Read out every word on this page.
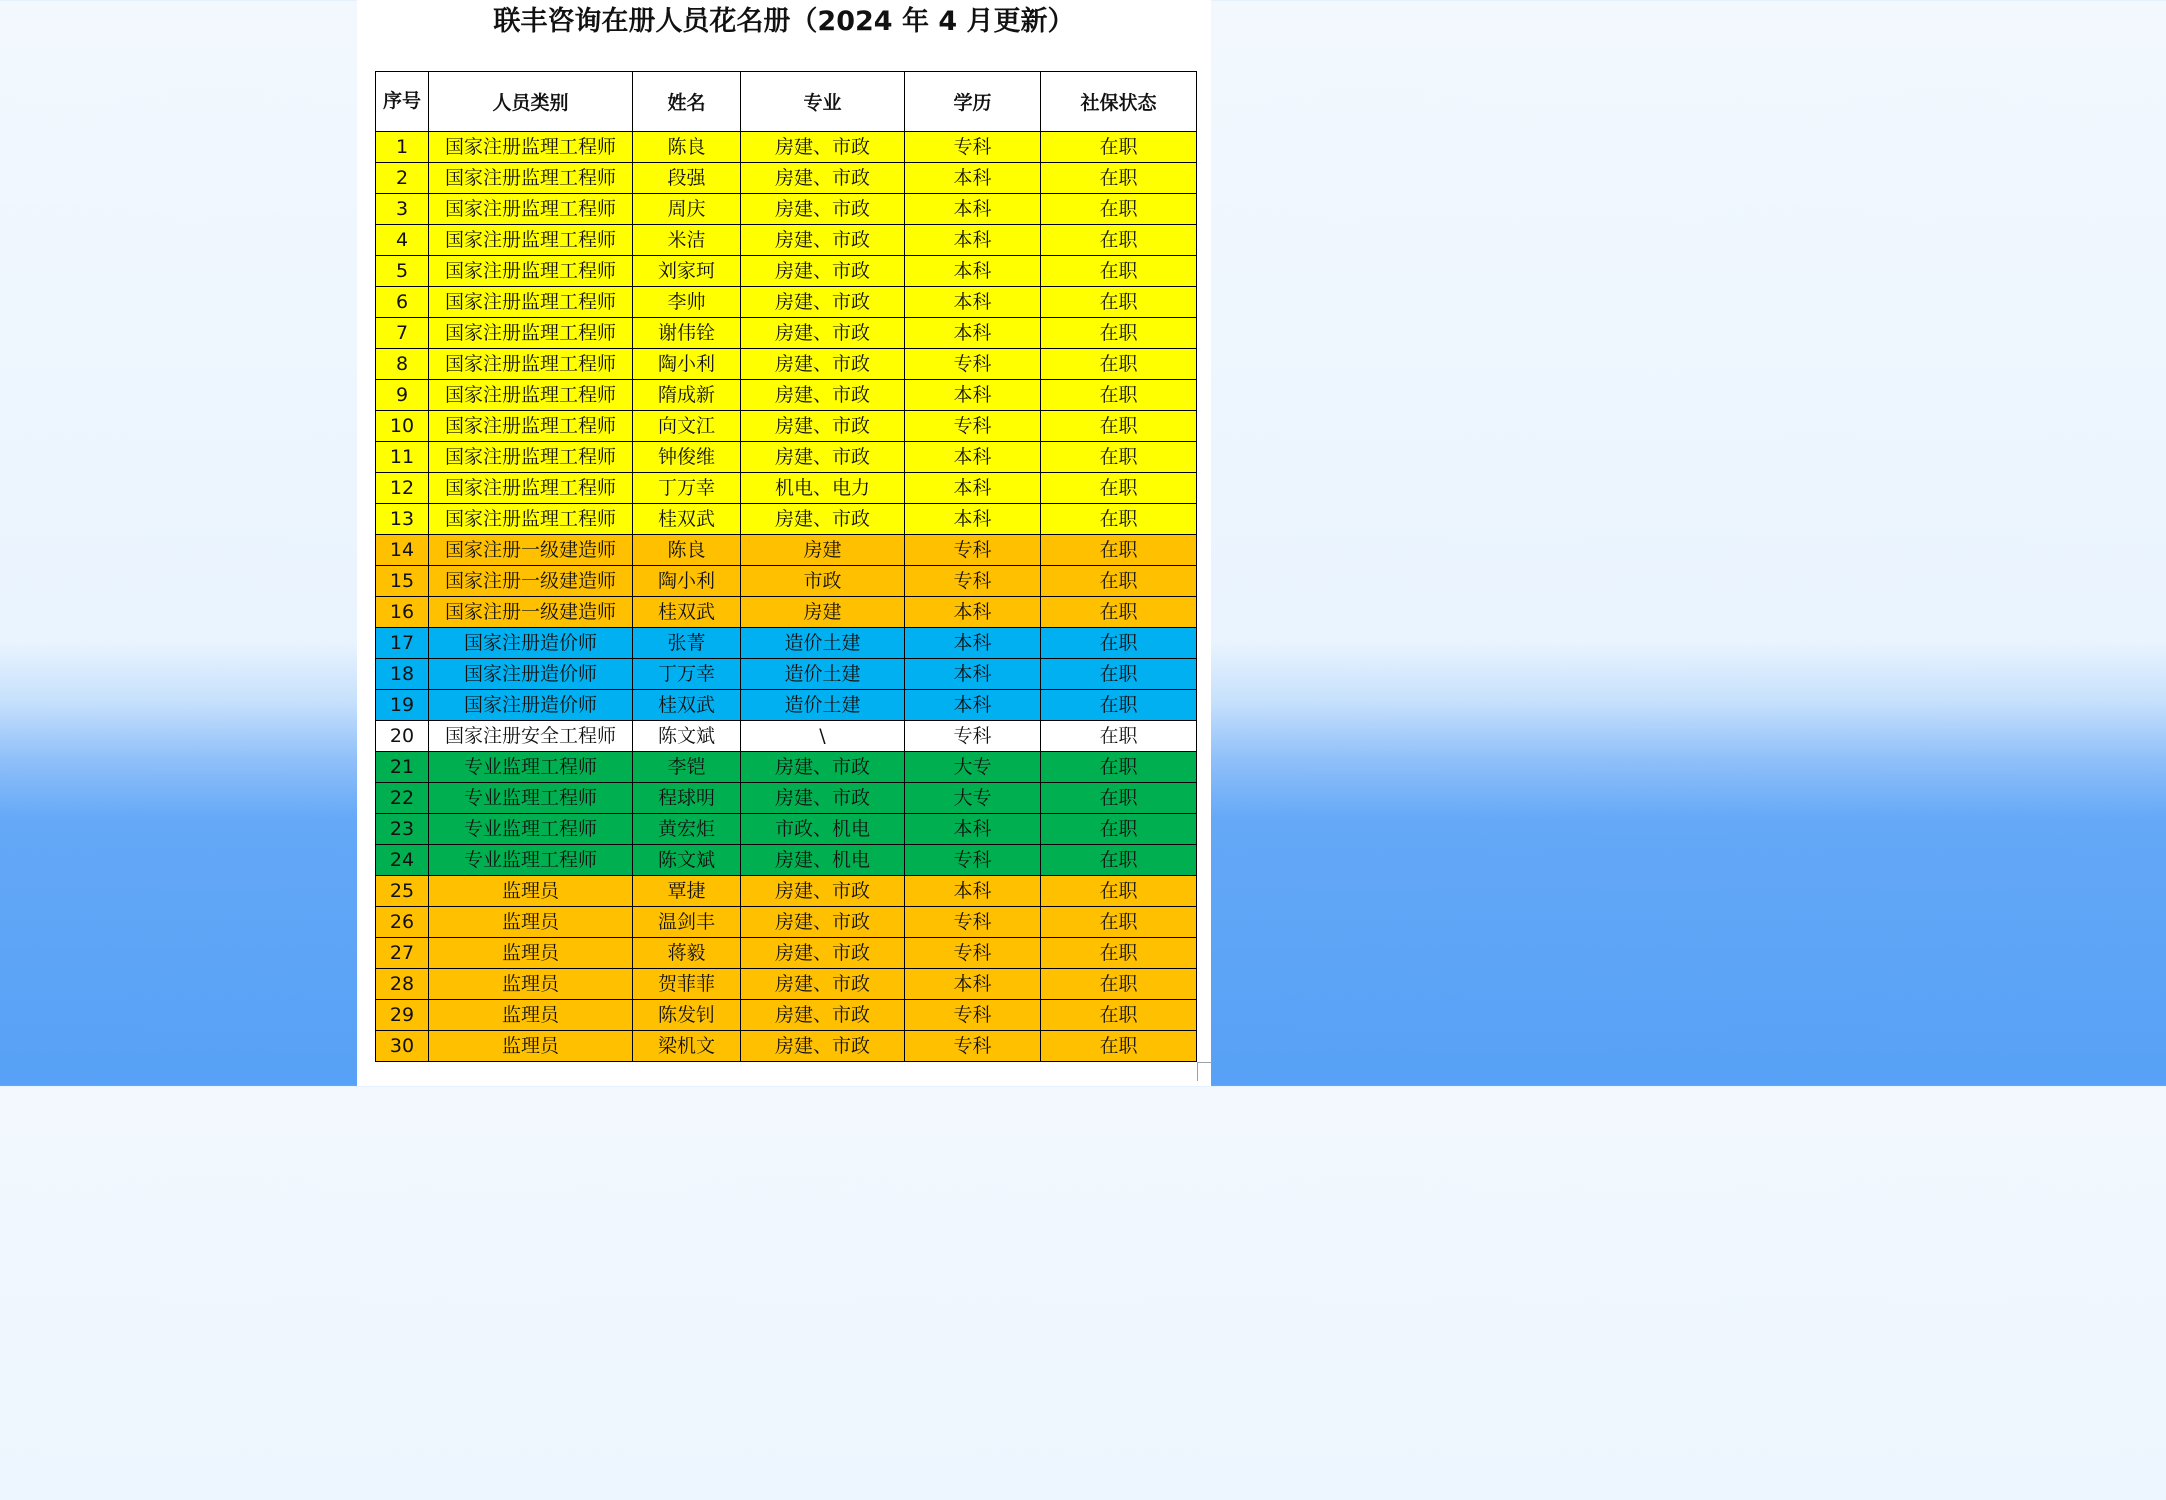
联丰咨询在册人员花名册（2024 年 4 月更新）
序号	人员类别	姓名	专业	学历	社保状态
1	国家注册监理工程师	陈良	房建、市政	专科	在职
2	国家注册监理工程师	段强	房建、市政	本科	在职
3	国家注册监理工程师	周庆	房建、市政	本科	在职
4	国家注册监理工程师	米洁	房建、市政	本科	在职
5	国家注册监理工程师	刘家珂	房建、市政	本科	在职
6	国家注册监理工程师	李帅	房建、市政	本科	在职
7	国家注册监理工程师	谢伟铨	房建、市政	本科	在职
8	国家注册监理工程师	陶小利	房建、市政	专科	在职
9	国家注册监理工程师	隋成新	房建、市政	本科	在职
10	国家注册监理工程师	向文江	房建、市政	专科	在职
11	国家注册监理工程师	钟俊维	房建、市政	本科	在职
12	国家注册监理工程师	丁万幸	机电、电力	本科	在职
13	国家注册监理工程师	桂双武	房建、市政	本科	在职
14	国家注册一级建造师	陈良	房建	专科	在职
15	国家注册一级建造师	陶小利	市政	专科	在职
16	国家注册一级建造师	桂双武	房建	本科	在职
17	国家注册造价师	张菁	造价土建	本科	在职
18	国家注册造价师	丁万幸	造价土建	本科	在职
19	国家注册造价师	桂双武	造价土建	本科	在职
20	国家注册安全工程师	陈文斌	\	专科	在职
21	专业监理工程师	李铠	房建、市政	大专	在职
22	专业监理工程师	程球明	房建、市政	大专	在职
23	专业监理工程师	黄宏炬	市政、机电	本科	在职
24	专业监理工程师	陈文斌	房建、机电	专科	在职
25	监理员	覃捷	房建、市政	本科	在职
26	监理员	温剑丰	房建、市政	专科	在职
27	监理员	蒋毅	房建、市政	专科	在职
28	监理员	贺菲菲	房建、市政	本科	在职
29	监理员	陈发钊	房建、市政	专科	在职
30	监理员	梁机文	房建、市政	专科	在职
